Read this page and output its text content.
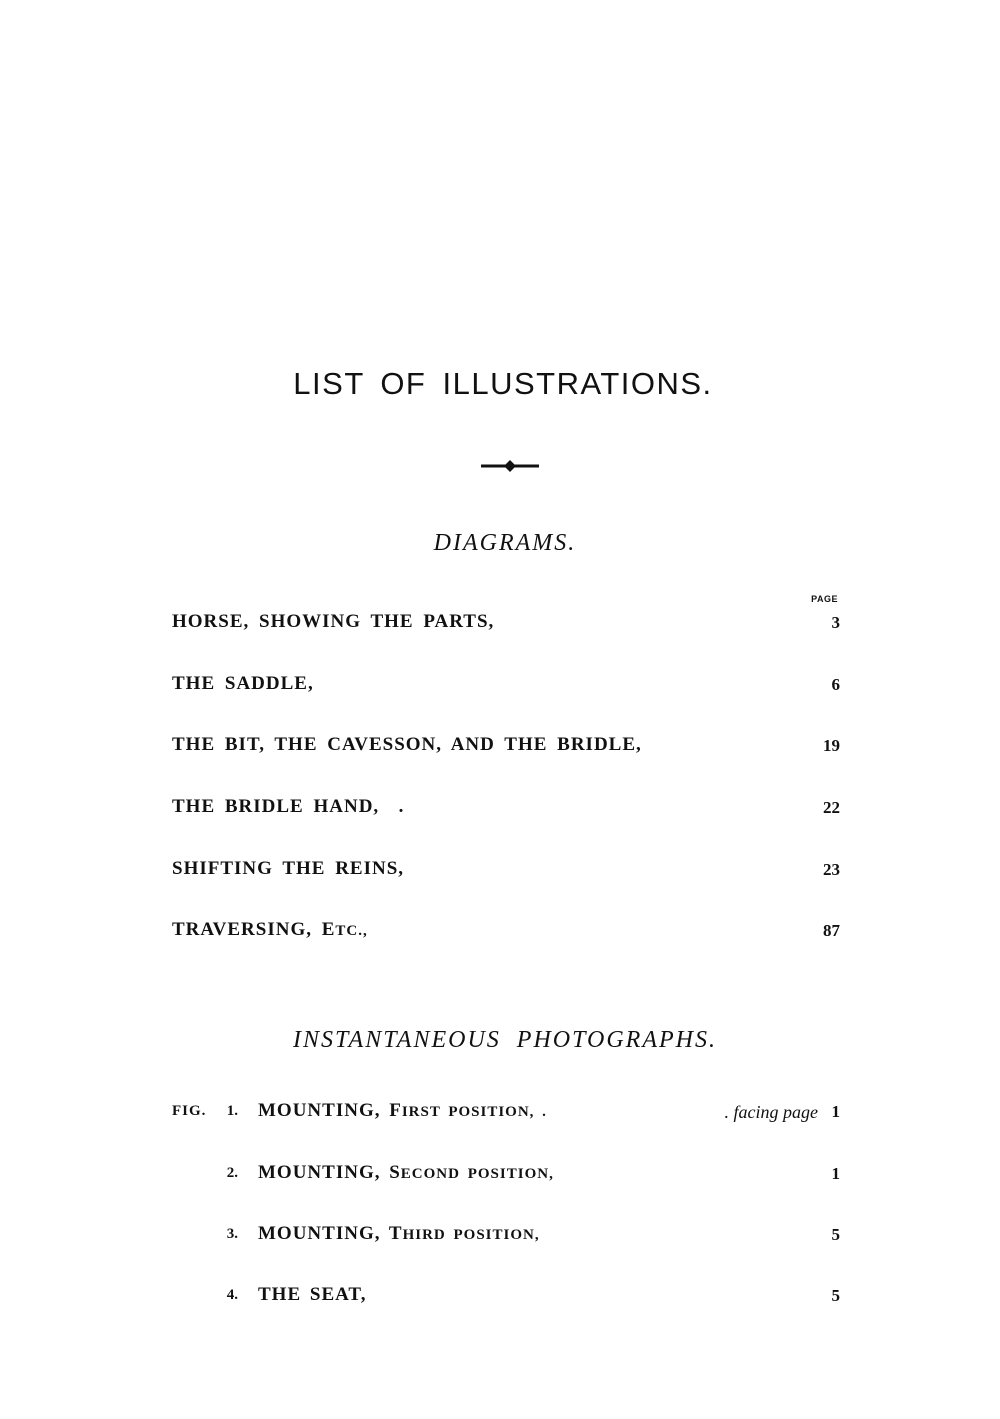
LIST OF ILLUSTRATIONS.
DIAGRAMS.
PAGE
HORSE, SHOWING THE PARTS,	3
THE SADDLE,	6
THE BIT, THE CAVESSON, AND THE BRIDLE,	19
THE BRIDLE HAND,  .	22
SHIFTING THE REINS,	23
TRAVERSING, ETC.,	87
INSTANTANEOUS PHOTOGRAPHS.
FIG.	1. MOUNTING, FIRST POSITION, .	. facing page 1
2. MOUNTING, SECOND POSITION,	1
3. MOUNTING, THIRD POSITION,	5
4. THE SEAT,	5
